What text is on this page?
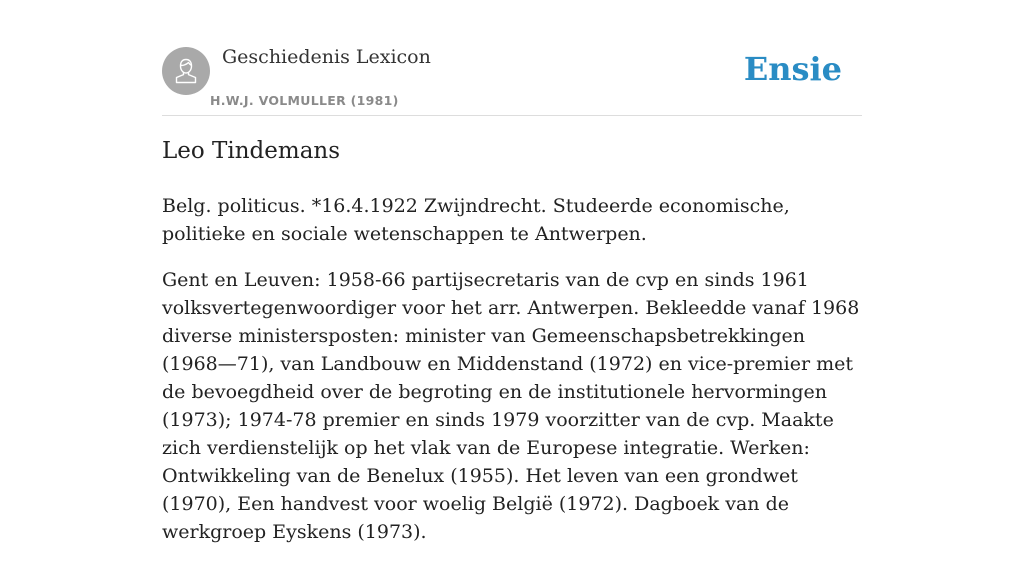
Geschiedenis Lexicon
H.W.J. VOLMULLER (1981)
Ensie
Leo Tindemans

Belg. politicus. *16.4.1922 Zwijndrecht. Studeerde economische, politieke en sociale wetenschappen te Antwerpen.

Gent en Leuven: 1958-66 partijsecretaris van de cvp en sinds 1961 volksvertegenwoordiger voor het arr. Antwerpen. Bekleedde vanaf 1968 diverse ministersposten: minister van Gemeenschapsbetrekkingen (1968—71), van Landbouw en Middenstand (1972) en vice-premier met de bevoegdheid over de begroting en de institutionele hervormingen (1973); 1974-78 premier en sinds 1979 voorzitter van de cvp. Maakte zich verdienstelijk op het vlak van de Europese integratie. Werken: Ontwikkeling van de Benelux (1955). Het leven van een grondwet (1970), Een handvest voor woelig België (1972). Dagboek van de werkgroep Eyskens (1973).
